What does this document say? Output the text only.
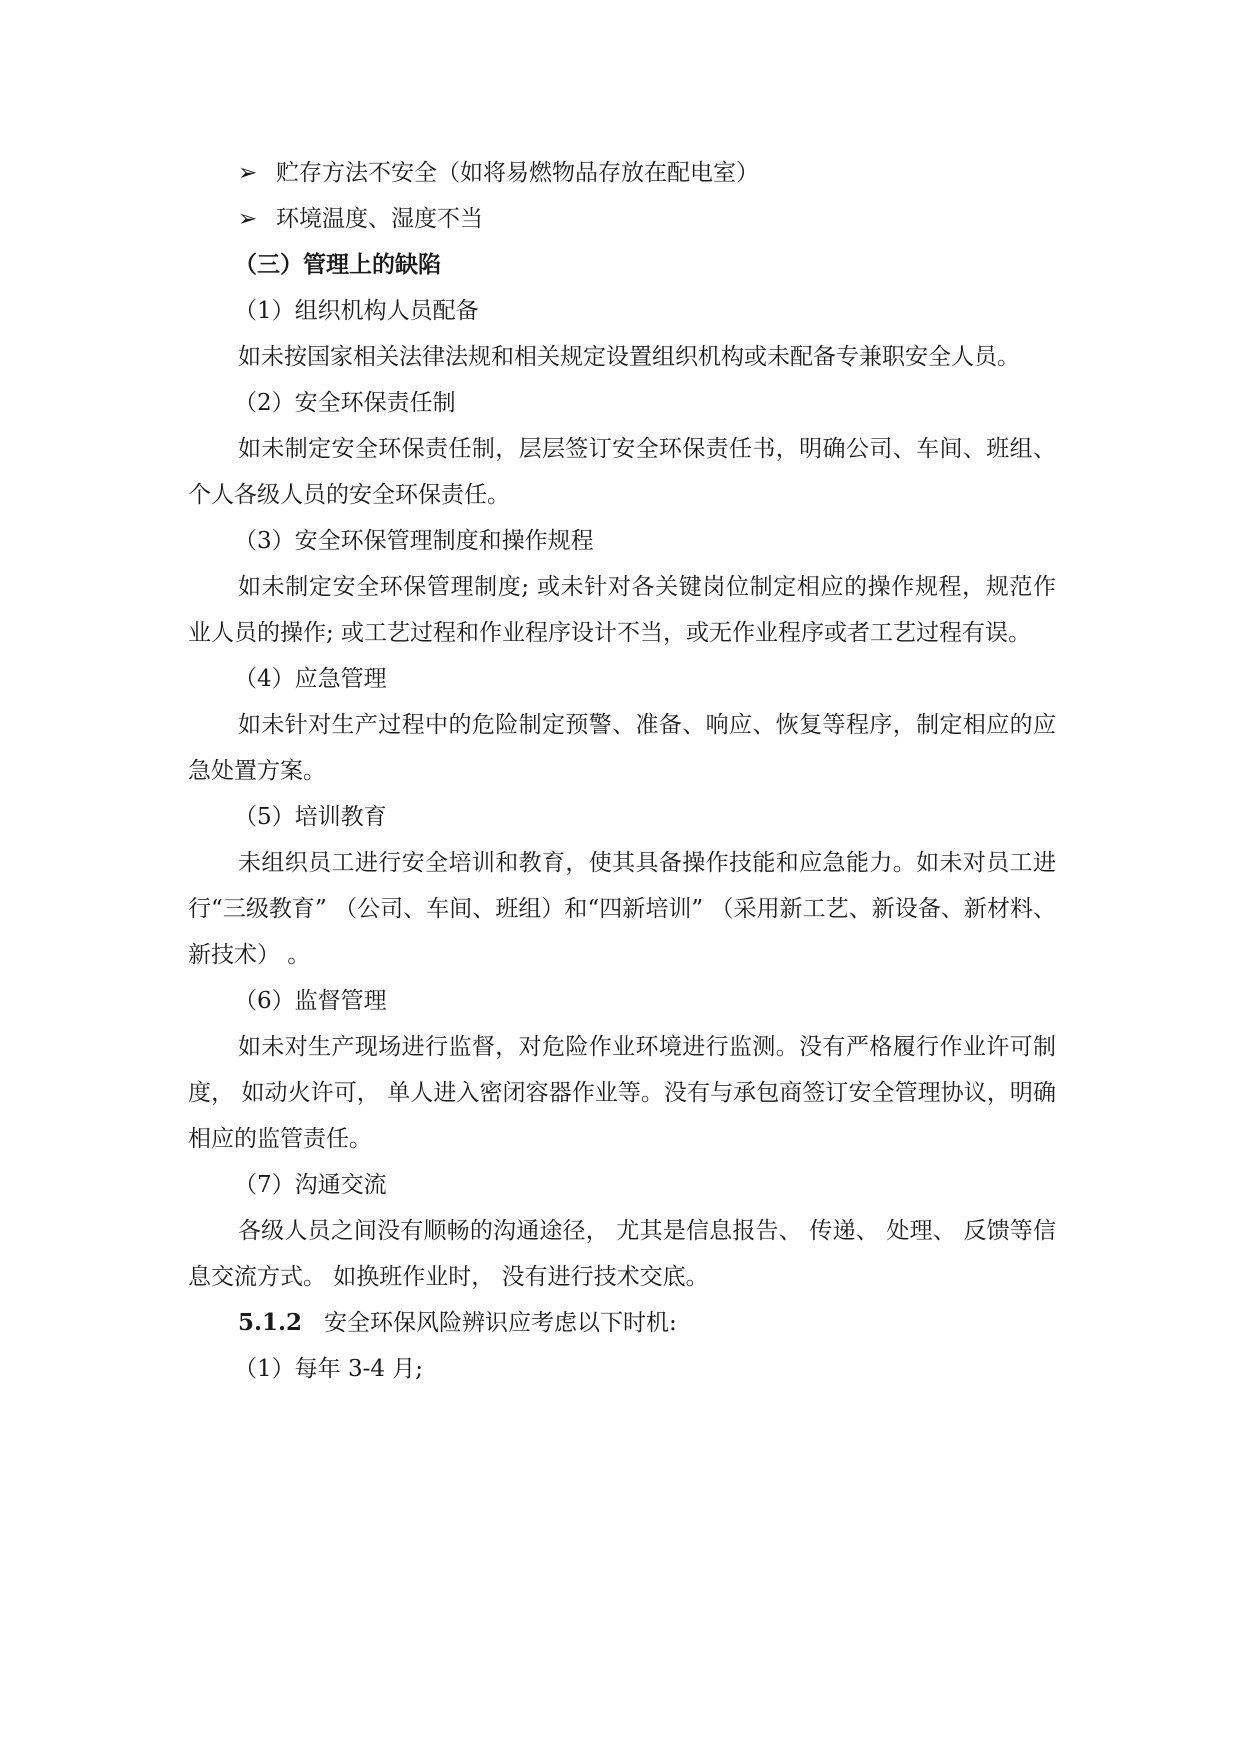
➢ 贮存方法不安全（如将易燃物品存放在配电室）
➢ 环境温度、湿度不当
（三）管理上的缺陷
（1）组织机构人员配备
如未按国家相关法律法规和相关规定设置组织机构或未配备专兼职安全人员。
（2）安全环保责任制
如未制定安全环保责任制，层层签订安全环保责任书，明确公司、车间、班组、个人各级人员的安全环保责任。
（3）安全环保管理制度和操作规程
如未制定安全环保管理制度; 或未针对各关键岗位制定相应的操作规程，规范作业人员的操作; 或工艺过程和作业程序设计不当，或无作业程序或者工艺过程有误。
（4）应急管理
如未针对生产过程中的危险制定预警、准备、响应、恢复等程序，制定相应的应急处置方案。
（5）培训教育
未组织员工进行安全培训和教育，使其具备操作技能和应急能力。如未对员工进行“三级教育” （公司、车间、班组）和“四新培训” （采用新工艺、新设备、新材料、新技术） 。
（6）监督管理
如未对生产现场进行监督，对危险作业环境进行监测。没有严格履行作业许可制度， 如动火许可， 单人进入密闭容器作业等。没有与承包商签订安全管理协议，明确相应的监管责任。
（7）沟通交流
各级人员之间没有顺畅的沟通途径， 尤其是信息报告、 传递、 处理、 反馈等信息交流方式。 如换班作业时， 没有进行技术交底。
5.1.2 安全环保风险辨识应考虑以下时机:
（1）每年 3-4 月;
